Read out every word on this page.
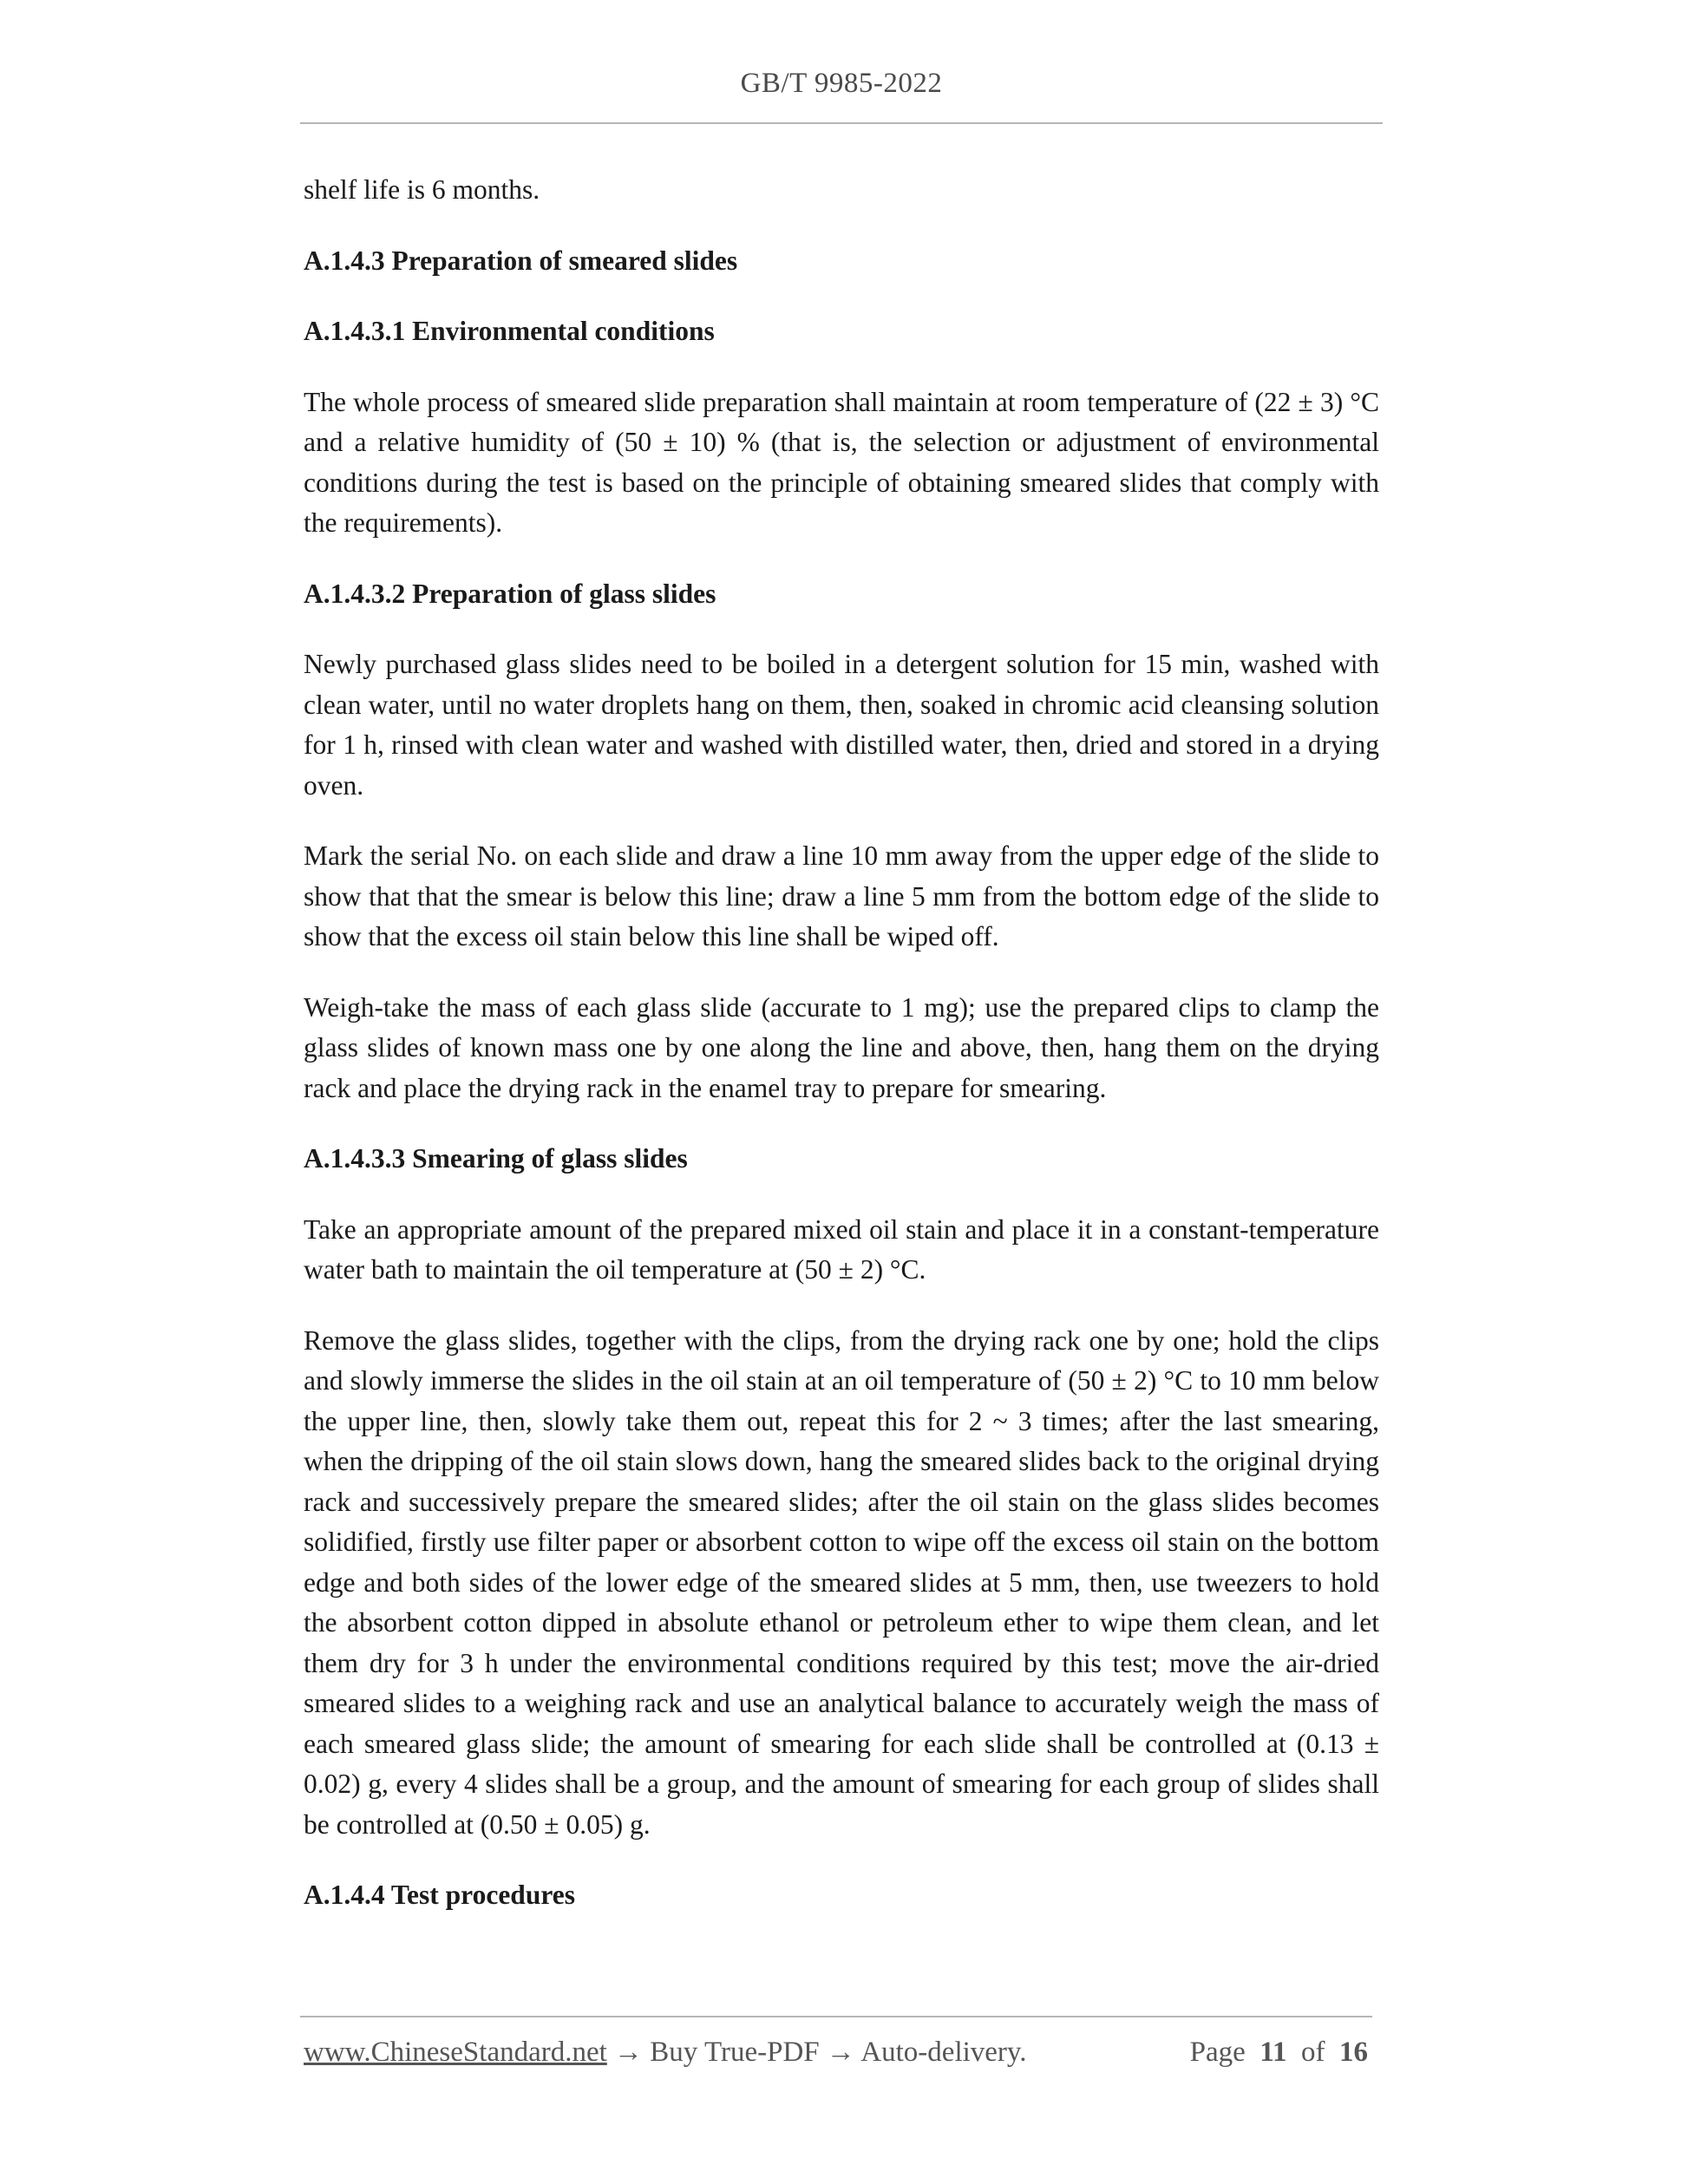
GB/T 9985-2022

shelf life is 6 months.

A.1.4.3 Preparation of smeared slides
A.1.4.3.1 Environmental conditions

The whole process of smeared slide preparation shall maintain at room temperature of (22 ± 3) °C and a relative humidity of (50 ± 10) % (that is, the selection or adjustment of environmental conditions during the test is based on the principle of obtaining smeared slides that comply with the requirements).

A.1.4.3.2 Preparation of glass slides

Newly purchased glass slides need to be boiled in a detergent solution for 15 min, washed with clean water, until no water droplets hang on them, then, soaked in chromic acid cleansing solution for 1 h, rinsed with clean water and washed with distilled water, then, dried and stored in a drying oven.

Mark the serial No. on each slide and draw a line 10 mm away from the upper edge of the slide to show that that the smear is below this line; draw a line 5 mm from the bottom edge of the slide to show that the excess oil stain below this line shall be wiped off.

Weigh-take the mass of each glass slide (accurate to 1 mg); use the prepared clips to clamp the glass slides of known mass one by one along the line and above, then, hang them on the drying rack and place the drying rack in the enamel tray to prepare for smearing.

A.1.4.3.3 Smearing of glass slides

Take an appropriate amount of the prepared mixed oil stain and place it in a constant-temperature water bath to maintain the oil temperature at (50 ± 2) °C.

Remove the glass slides, together with the clips, from the drying rack one by one; hold the clips and slowly immerse the slides in the oil stain at an oil temperature of (50 ± 2) °C to 10 mm below the upper line, then, slowly take them out, repeat this for 2 ~ 3 times; after the last smearing, when the dripping of the oil stain slows down, hang the smeared slides back to the original drying rack and successively prepare the smeared slides; after the oil stain on the glass slides becomes solidified, firstly use filter paper or absorbent cotton to wipe off the excess oil stain on the bottom edge and both sides of the lower edge of the smeared slides at 5 mm, then, use tweezers to hold the absorbent cotton dipped in absolute ethanol or petroleum ether to wipe them clean, and let them dry for 3 h under the environmental conditions required by this test; move the air-dried smeared slides to a weighing rack and use an analytical balance to accurately weigh the mass of each smeared glass slide; the amount of smearing for each slide shall be controlled at (0.13 ± 0.02) g, every 4 slides shall be a group, and the amount of smearing for each group of slides shall be controlled at (0.50 ± 0.05) g.

A.1.4.4 Test procedures
www.ChineseStandard.net → Buy True-PDF → Auto-delivery.	Page 11 of 16
